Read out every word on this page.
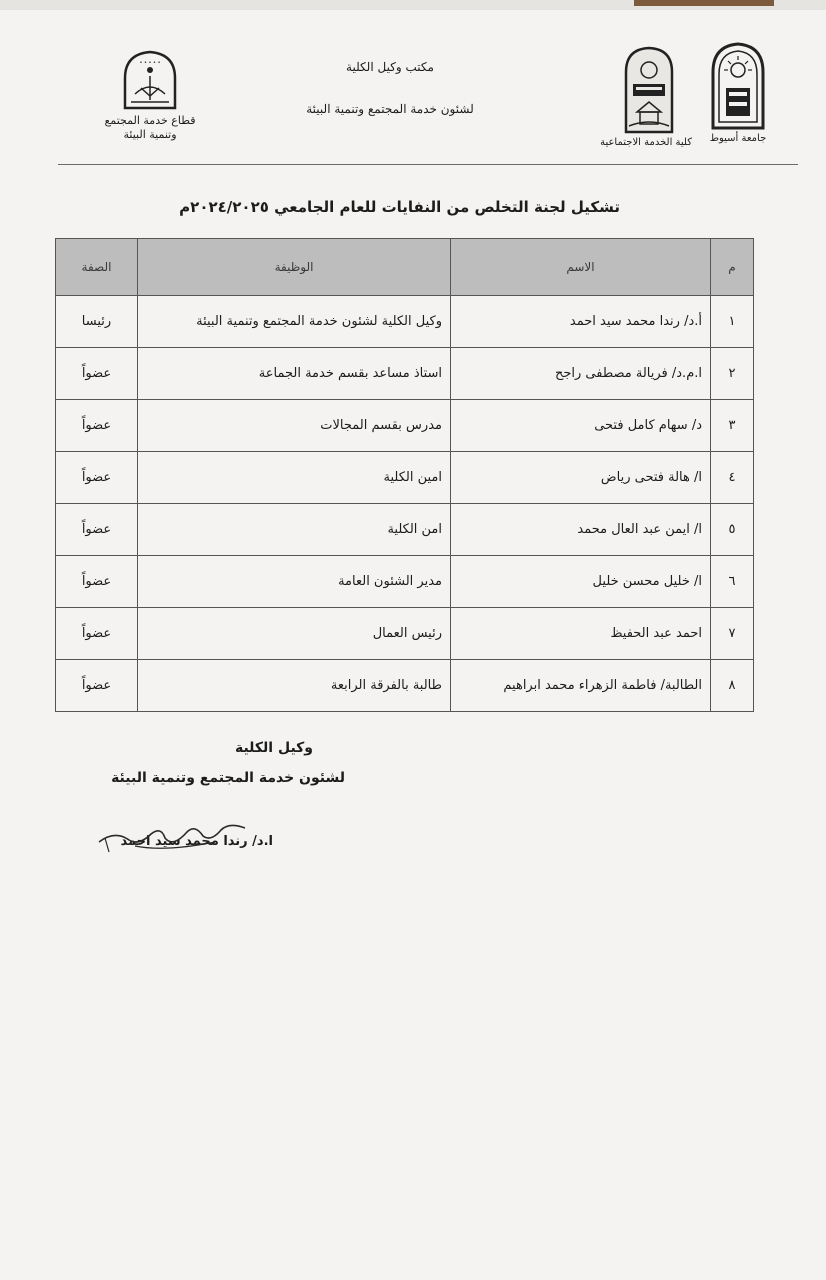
جامعة أسيوط
كلية الخدمة الاجتماعية
مكتب وكيل الكلية
لشئون خدمة المجتمع وتنمية البيئة
• • • • •
قطاع خدمة المجتمع
وتنمية البيئة
تشكيل لجنة التخلص من النفايات للعام الجامعي ٢٠٢٤/٢٠٢٥م
م	الاسم	الوظيفة	الصفة
١	أ.د/ رندا محمد سيد احمد	وكيل الكلية لشئون خدمة المجتمع وتنمية البيئة	رئيسا
٢	ا.م.د/ فريالة مصطفى راجح	استاذ مساعد بقسم خدمة الجماعة	عضواً
٣	د/ سهام كامل فتحى	مدرس بقسم المجالات	عضواً
٤	ا/ هالة فتحى رياض	امين الكلية	عضواً
٥	ا/ ايمن عبد العال محمد	امن الكلية	عضواً
٦	ا/ خليل محسن خليل	مدير الشئون العامة	عضواً
٧	احمد عبد الحفيظ	رئيس العمال	عضواً
٨	الطالبة/ فاطمة الزهراء محمد ابراهيم	طالبة بالفرقة الرابعة	عضواً
وكيل الكلية
لشئون خدمة المجتمع وتنمية البيئة
ا.د/ رندا محمد سيد احمد
